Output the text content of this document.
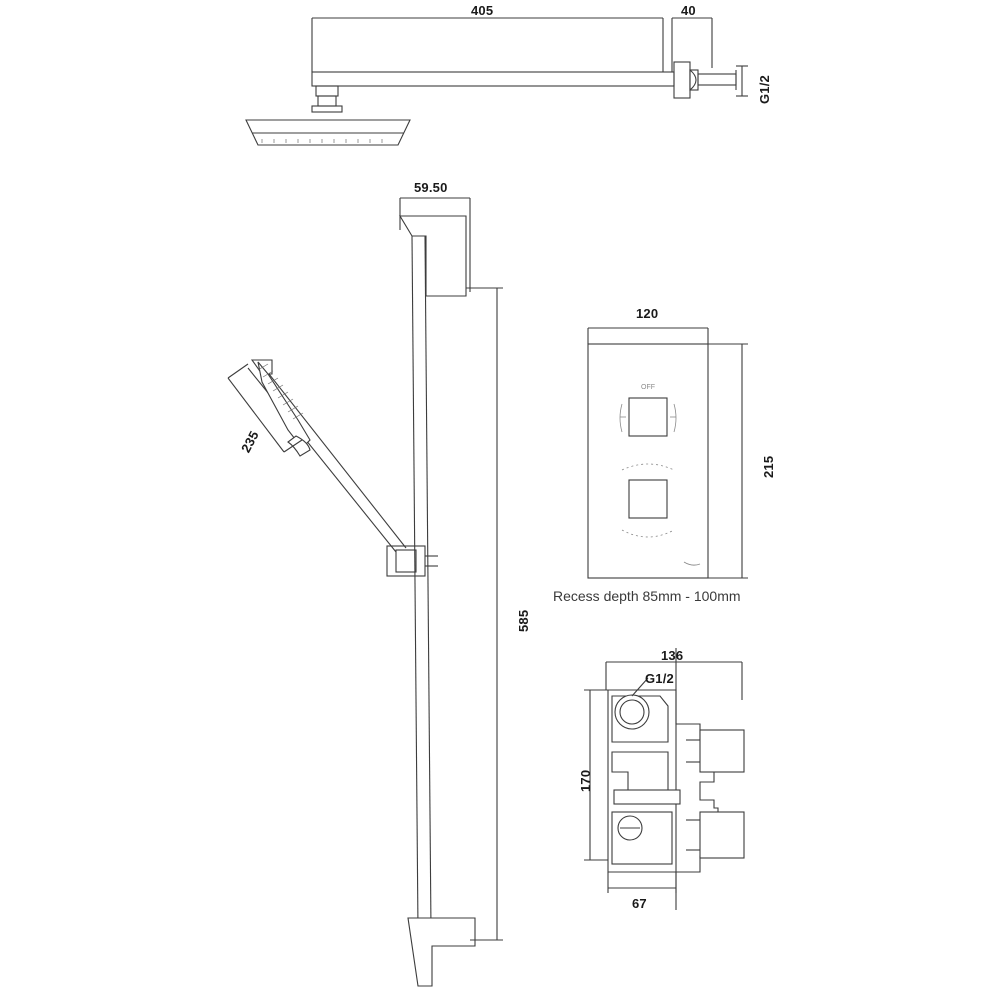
405	40
G1/2
59.50
235
585
120
215
Recess depth 85mm - 100mm
136
170
67
G1/2
OFF
